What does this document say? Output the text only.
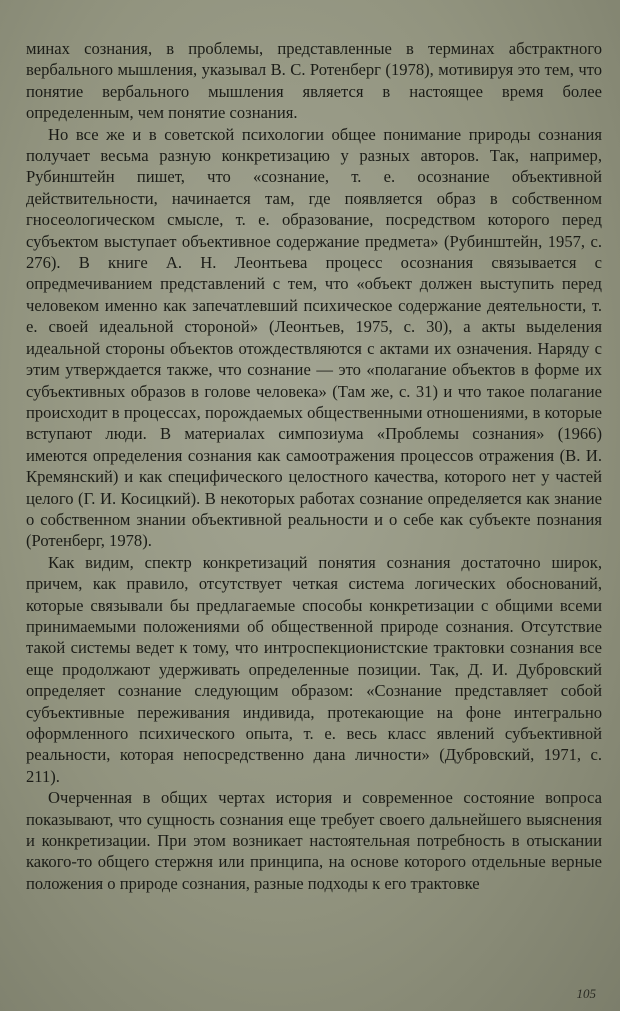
минах сознания, в проблемы, представленные в терминах абстрактного вербального мышления, указывал В. С. Ротенберг (1978), мотивируя это тем, что понятие вербального мышления является в настоящее время более определенным, чем понятие сознания.

Но все же и в советской психологии общее понимание природы сознания получает весьма разную конкретизацию у разных авторов. Так, например, Рубинштейн пишет, что «сознание, т. е. осознание объективной действительности, начинается там, где появляется образ в собственном гносеологическом смысле, т. е. образование, посредством которого перед субъектом выступает объективное содержание предмета» (Рубинштейн, 1957, с. 276). В книге А. Н. Леонтьева процесс осознания связывается с опредмечиванием представлений с тем, что «объект должен выступить перед человеком именно как запечатлевший психическое содержание деятельности, т. е. своей идеальной стороной» (Леонтьев, 1975, с. 30), а акты выделения идеальной стороны объектов отождествляются с актами их означения. Наряду с этим утверждается также, что сознание — это «полагание объектов в форме их субъективных образов в голове человека» (Там же, с. 31) и что такое полагание происходит в процессах, порождаемых общественными отношениями, в которые вступают люди. В материалах симпозиума «Проблемы сознания» (1966) имеются определения сознания как самоотражения процессов отражения (В. И. Кремянский) и как специфического целостного качества, которого нет у частей целого (Г. И. Косицкий). В некоторых работах сознание определяется как знание о собственном знании объективной реальности и о себе как субъекте познания (Ротенберг, 1978).

Как видим, спектр конкретизаций понятия сознания достаточно широк, причем, как правило, отсутствует четкая система логических обоснований, которые связывали бы предлагаемые способы конкретизации с общими всеми принимаемыми положениями об общественной природе сознания. Отсутствие такой системы ведет к тому, что интроспекционистские трактовки сознания все еще продолжают удерживать определенные позиции. Так, Д. И. Дубровский определяет сознание следующим образом: «Сознание представляет собой субъективные переживания индивида, протекающие на фоне интегрально оформленного психического опыта, т. е. весь класс явлений субъективной реальности, которая непосредственно дана личности» (Дубровский, 1971, с. 211).

Очерченная в общих чертах история и современное состояние вопроса показывают, что сущность сознания еще требует своего дальнейшего выяснения и конкретизации. При этом возникает настоятельная потребность в отыскании какого-то общего стержня или принципа, на основе которого отдельные верные положения о природе сознания, разные подходы к его трактовке

105
